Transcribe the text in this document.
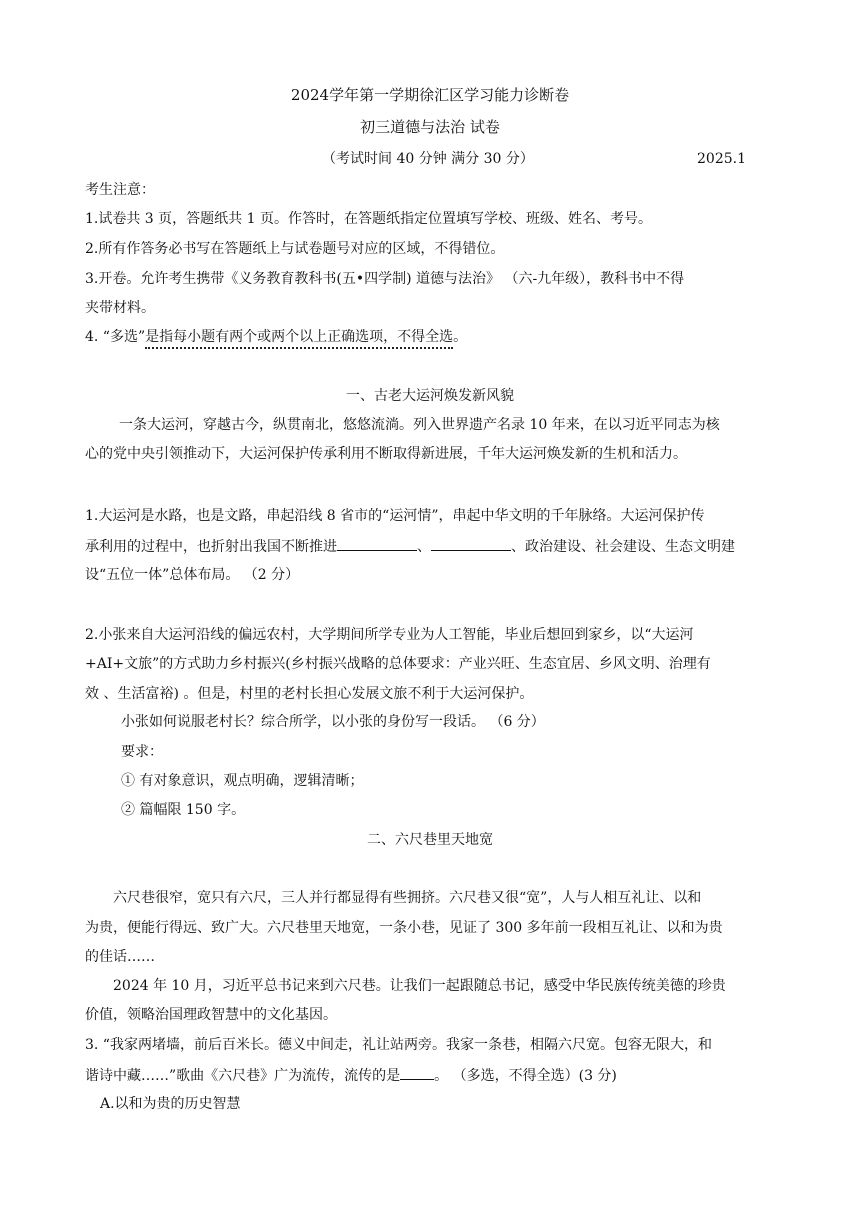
2024学年第一学期徐汇区学习能力诊断卷
初三道德与法治 试卷
（考试时间 40 分钟 满分 30 分）	2025.1
考生注意：
1.试卷共 3 页，答题纸共 1 页。作答时，在答题纸指定位置填写学校、班级、姓名、考号。
2.所有作答务必书写在答题纸上与试卷题号对应的区域，不得错位。
3.开卷。允许考生携带《义务教育教科书(五•四学制) 道德与法治》 （六-九年级），教科书中不得
夹带材料。
4. “多选”是指每小题有两个或两个以上正确选项，不得全选。
一、古老大运河焕发新风貌
一条大运河，穿越古今，纵贯南北，悠悠流淌。列入世界遗产名录 10 年来，在以习近平同志为核
心的党中央引领推动下，大运河保护传承利用不断取得新进展，千年大运河焕发新的生机和活力。
1.大运河是水路，也是文路，串起沿线 8 省市的“运河情”，串起中华文明的千年脉络。大运河保护传
承利用的过程中，也折射出我国不断推进	、	、政治建设、社会建设、生态文明建
设“五位一体”总体布局。 （2 分）
2.小张来自大运河沿线的偏远农村，大学期间所学专业为人工智能，毕业后想回到家乡，以“大运河
+AI+文旅”的方式助力乡村振兴(乡村振兴战略的总体要求：产业兴旺、生态宜居、乡风文明、治理有
效 、生活富裕) 。但是，村里的老村长担心发展文旅不利于大运河保护。
小张如何说服老村长？综合所学，以小张的身份写一段话。 （6 分）
要求：
① 有对象意识，观点明确，逻辑清晰；
② 篇幅限 150 字。
二、六尺巷里天地宽
六尺巷很窄，宽只有六尺，三人并行都显得有些拥挤。六尺巷又很“宽”，人与人相互礼让、以和
为贵，便能行得远、致广大。六尺巷里天地宽，一条小巷，见证了 300 多年前一段相互礼让、以和为贵
的佳话……
2024 年 10 月，习近平总书记来到六尺巷。让我们一起跟随总书记，感受中华民族传统美德的珍贵
价值，领略治国理政智慧中的文化基因。
3. “我家两堵墙，前后百米长。德义中间走，礼让站两旁。我家一条巷，相隔六尺宽。包容无限大，和
谐诗中藏……”歌曲《六尺巷》广为流传，流传的是 。 （多选，不得全选）(3 分)
A.以和为贵的历史智慧
